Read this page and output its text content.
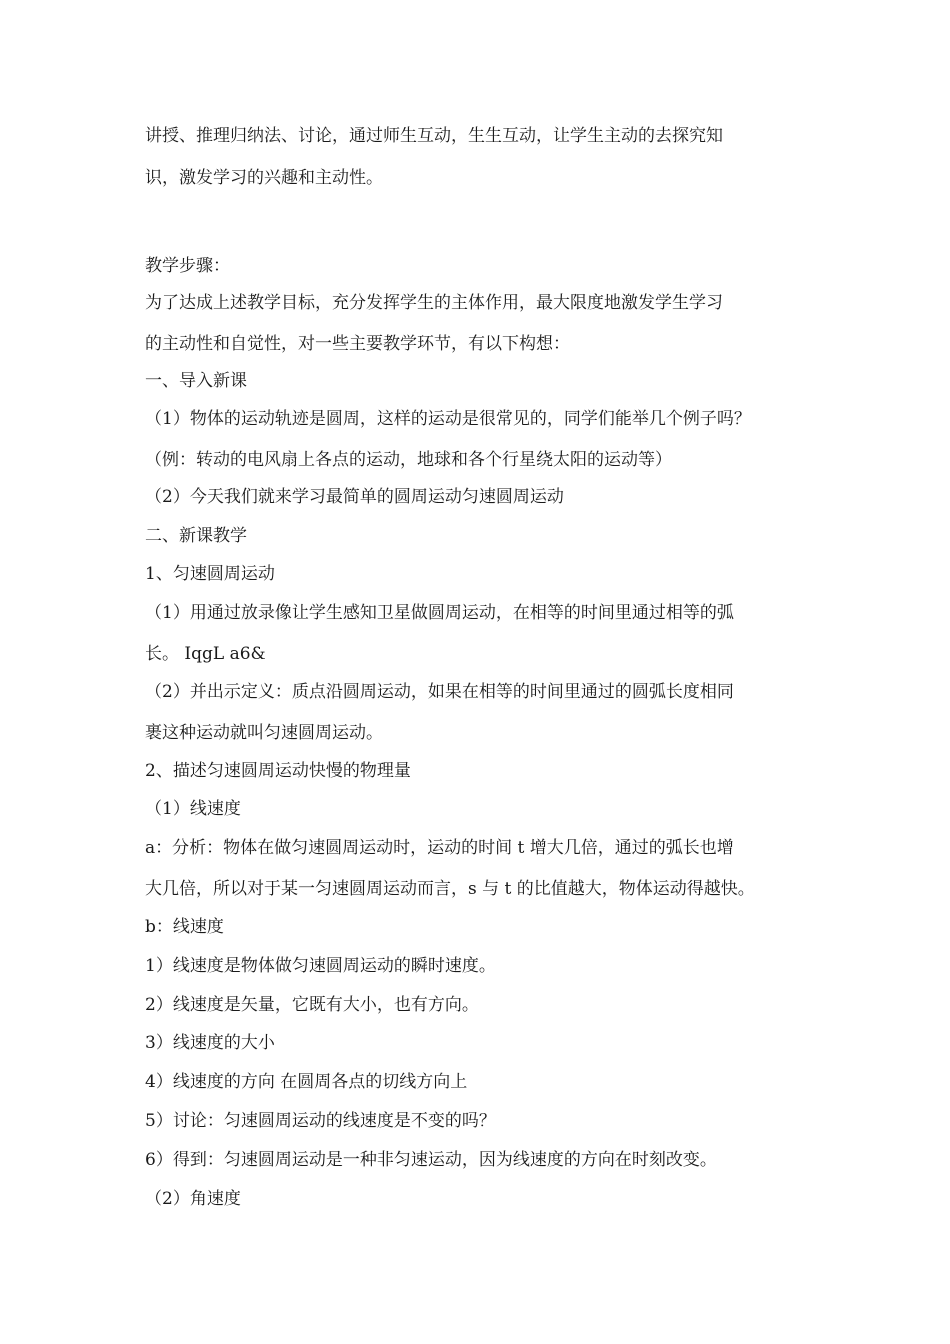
讲授、推理归纳法、讨论，通过师生互动，生生互动，让学生主动的去探究知
识，激发学习的兴趣和主动性。
教学步骤：
为了达成上述教学目标，充分发挥学生的主体作用，最大限度地激发学生学习
的主动性和自觉性，对一些主要教学环节，有以下构想：
一、导入新课
（1）物体的运动轨迹是圆周，这样的运动是很常见的，同学们能举几个例子吗？
（例：转动的电风扇上各点的运动，地球和各个行星绕太阳的运动等）
（2）今天我们就来学习最简单的圆周运动匀速圆周运动
二、新课教学
1、匀速圆周运动
（1）用通过放录像让学生感知卫星做圆周运动，在相等的时间里通过相等的弧
长。 IqgL a6&
（2）并出示定义：质点沿圆周运动，如果在相等的时间里通过的圆弧长度相同
裹这种运动就叫匀速圆周运动。
2、描述匀速圆周运动快慢的物理量
（1）线速度
a：分析：物体在做匀速圆周运动时，运动的时间 t 增大几倍，通过的弧长也增
大几倍，所以对于某一匀速圆周运动而言，s 与 t 的比值越大，物体运动得越快。
b：线速度
1）线速度是物体做匀速圆周运动的瞬时速度。
2）线速度是矢量，它既有大小，也有方向。
3）线速度的大小
4）线速度的方向 在圆周各点的切线方向上
5）讨论：匀速圆周运动的线速度是不变的吗？
6）得到：匀速圆周运动是一种非匀速运动，因为线速度的方向在时刻改变。
（2）角速度
